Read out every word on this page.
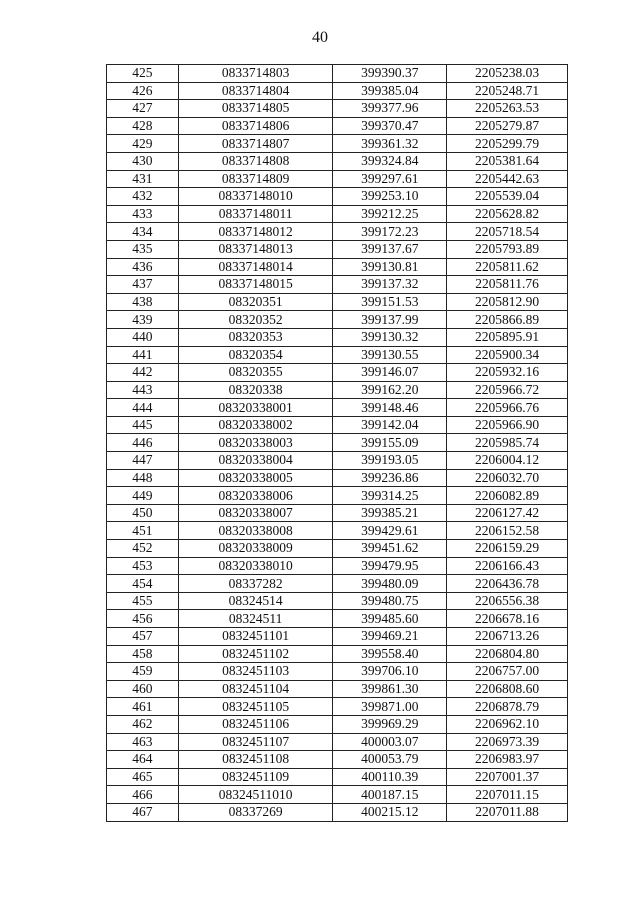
40
425	0833714803	399390.37	2205238.03
426	0833714804	399385.04	2205248.71
427	0833714805	399377.96	2205263.53
428	0833714806	399370.47	2205279.87
429	0833714807	399361.32	2205299.79
430	0833714808	399324.84	2205381.64
431	0833714809	399297.61	2205442.63
432	08337148010	399253.10	2205539.04
433	08337148011	399212.25	2205628.82
434	08337148012	399172.23	2205718.54
435	08337148013	399137.67	2205793.89
436	08337148014	399130.81	2205811.62
437	08337148015	399137.32	2205811.76
438	08320351	399151.53	2205812.90
439	08320352	399137.99	2205866.89
440	08320353	399130.32	2205895.91
441	08320354	399130.55	2205900.34
442	08320355	399146.07	2205932.16
443	08320338	399162.20	2205966.72
444	08320338001	399148.46	2205966.76
445	08320338002	399142.04	2205966.90
446	08320338003	399155.09	2205985.74
447	08320338004	399193.05	2206004.12
448	08320338005	399236.86	2206032.70
449	08320338006	399314.25	2206082.89
450	08320338007	399385.21	2206127.42
451	08320338008	399429.61	2206152.58
452	08320338009	399451.62	2206159.29
453	08320338010	399479.95	2206166.43
454	08337282	399480.09	2206436.78
455	08324514	399480.75	2206556.38
456	08324511	399485.60	2206678.16
457	0832451101	399469.21	2206713.26
458	0832451102	399558.40	2206804.80
459	0832451103	399706.10	2206757.00
460	0832451104	399861.30	2206808.60
461	0832451105	399871.00	2206878.79
462	0832451106	399969.29	2206962.10
463	0832451107	400003.07	2206973.39
464	0832451108	400053.79	2206983.97
465	0832451109	400110.39	2207001.37
466	08324511010	400187.15	2207011.15
467	08337269	400215.12	2207011.88
